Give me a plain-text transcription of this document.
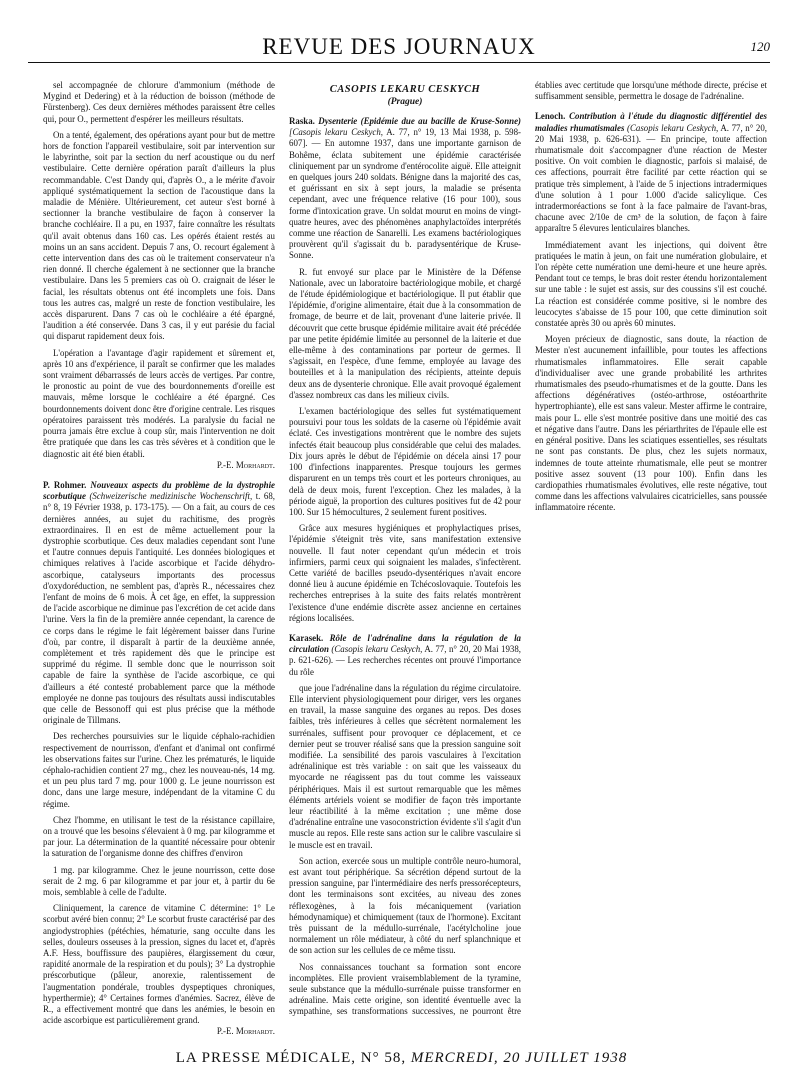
REVUE DES JOURNAUX	120

sel accompagnée de chlorure d'ammonium (méthode de Mygind et Dedering) et à la réduction de boisson (méthode de Fürstenberg). Ces deux dernières méthodes paraissent être celles qui, pour O., permettent d'espérer les meilleurs résultats.

On a tenté, également, des opérations ayant pour but de mettre hors de fonction l'appareil vestibulaire, soit par intervention sur le labyrinthe, soit par la section du nerf acoustique ou du nerf vestibulaire. Cette dernière opération paraît d'ailleurs la plus recommandable. C'est Dandy qui, d'après O., a le mérite d'avoir appliqué systématiquement la section de l'acoustique dans la maladie de Ménière. Ultérieurement, cet auteur s'est borné à sectionner la branche vestibulaire de façon à conserver la branche cochléaire. Il a pu, en 1937, faire connaître les résultats qu'il avait obtenus dans 160 cas. Les opérés étaient restés au moins un an sans accident. Depuis 7 ans, O. recourt également à cette intervention dans des cas où le traitement conservateur n'a rien donné. Il cherche également à ne sectionner que la branche vestibulaire. Dans les 5 premiers cas où O. craignait de léser le facial, les résultats obtenus ont été incomplets une fois. Dans tous les autres cas, malgré un reste de fonction vestibulaire, les accès disparurent. Dans 7 cas où le cochléaire a été épargné, l'audition a été conservée. Dans 3 cas, il y eut parésie du facial qui disparut rapidement deux fois.

L'opération a l'avantage d'agir rapidement et sûrement et, après 10 ans d'expérience, il paraît se confirmer que les malades sont vraiment débarrassés de leurs accès de vertiges. Par contre, le pronostic au point de vue des bourdonnements d'oreille est mauvais, même lorsque le cochléaire a été épargné. Ces bourdonnements doivent donc être d'origine centrale. Les risques opératoires paraissent très modérés. La paralysie du facial ne pourra jamais être exclue à coup sûr, mais l'intervention ne doit être pratiquée que dans les cas très sévères et à condition que le diagnostic ait été bien établi.
P.-E. Morhardt.

P. Rohmer. Nouveaux aspects du problème de la dystrophie scorbutique (Schweizerische medizinische Wochenschrift, t. 68, n° 8, 19 Février 1938, p. 173-175). — On a fait, au cours de ces dernières années, au sujet du rachitisme, des progrès extraordinaires. Il en est de même actuellement pour la dystrophie scorbutique. Ces deux maladies cependant sont l'une et l'autre connues depuis l'antiquité. Les données biologiques et chimiques relatives à l'acide ascorbique et l'acide déhydro-ascorbique, catalyseurs importants des processus d'oxydoréduction, ne semblent pas, d'après R., nécessaires chez l'enfant de moins de 6 mois. À cet âge, en effet, la suppression de l'acide ascorbique ne diminue pas l'excrétion de cet acide dans l'urine. Vers la fin de la première année cependant, la carence de ce corps dans le régime le fait légèrement baisser dans l'urine d'où, par contre, il disparaît à partir de la deuxième année, complètement et très rapidement dès que le principe est supprimé du régime. Il semble donc que le nourrisson soit capable de faire la synthèse de l'acide ascorbique, ce qui d'ailleurs a été contesté probablement parce que la méthode employée ne donne pas toujours des résultats aussi indiscutables que celle de Bessonoff qui est plus précise que la méthode originale de Tillmans.

Des recherches poursuivies sur le liquide céphalo-rachidien respectivement de nourrisson, d'enfant et d'animal ont confirmé les observations faites sur l'urine. Chez les prématurés, le liquide céphalo-rachidien contient 27 mg., chez les nouveau-nés, 14 mg. et un peu plus tard 7 mg. pour 1000 g. Le jeune nourrisson est donc, dans une large mesure, indépendant de la vitamine C du régime.

Chez l'homme, en utilisant le test de la résistance capillaire, on a trouvé que les besoins s'élevaient à 0 mg. par kilogramme et par jour. La détermination de la quantité nécessaire pour obtenir la saturation de l'organisme donne des chiffres d'environ

1 mg. par kilogramme. Chez le jeune nourrisson, cette dose serait de 2 mg. 6 par kilogramme et par jour et, à partir du 6e mois, semblable à celle de l'adulte.

Cliniquement, la carence de vitamine C détermine: 1° Le scorbut avéré bien connu; 2° Le scorbut fruste caractérisé par des angiodystrophies (pétéchies, hématurie, sang occulte dans les selles, douleurs osseuses à la pression, signes du lacet et, d'après A.F. Hess, bouffissure des paupières, élargissement du cœur, rapidité anormale de la respiration et du pouls); 3° La dystrophie préscorbutique (pâleur, anorexie, ralentissement de l'augmentation pondérale, troubles dyspeptiques chroniques, hyperthermie); 4° Certaines formes d'anémies. Sacrez, élève de R., a effectivement montré que dans les anémies, le besoin en acide ascorbique est particulièrement grand.
P.-E. Morhardt.

CASOPIS LEKARU CESKYCH
(Prague)

Raska. Dysenterie (Epidémie due au bacille de Kruse-Sonne) [Casopis lekaru Ceskych, A. 77, n° 19, 13 Mai 1938, p. 598-607]. — En automne 1937, dans une importante garnison de Bohême, éclata subitement une épidémie caractérisée cliniquement par un syndrome d'entérocolite aiguë. Elle atteignit en quelques jours 240 soldats. Bénigne dans la majorité des cas, et guérissant en six à sept jours, la maladie se présenta cependant, avec une fréquence relative (16 pour 100), sous forme d'intoxication grave. Un soldat mourut en moins de vingt-quatre heures, avec des phénomènes anaphylactoïdes interprétés comme une réaction de Sanarelli. Les examens bactériologiques prouvèrent qu'il s'agissait du b. paradysentérique de Kruse-Sonne.

R. fut envoyé sur place par le Ministère de la Défense Nationale, avec un laboratoire bactériologique mobile, et chargé de l'étude épidémiologique et bactériologique. Il put établir que l'épidémie, d'origine alimentaire, était due à la consommation de fromage, de beurre et de lait, provenant d'une laiterie privée. Il découvrit que cette brusque épidémie militaire avait été précédée par une petite épidémie limitée au personnel de la laiterie et due elle-même à des contaminations par porteur de germes. Il s'agissait, en l'espèce, d'une femme, employée au lavage des bouteilles et à la manipulation des récipients, atteinte depuis deux ans de dysenterie chronique. Elle avait provoqué également d'assez nombreux cas dans les milieux civils.

L'examen bactériologique des selles fut systématiquement poursuivi pour tous les soldats de la caserne où l'épidémie avait éclaté. Ces investigations montrèrent que le nombre des sujets infectés était beaucoup plus considérable que celui des malades. Dix jours après le début de l'épidémie on décela ainsi 17 pour 100 d'infections inapparentes. Presque toujours les germes disparurent en un temps très court et les porteurs chroniques, au delà de deux mois, furent l'exception. Chez les malades, à la période aiguë, la proportion des cultures positives fut de 42 pour 100. Sur 15 hémocultures, 2 seulement furent positives.

Grâce aux mesures hygiéniques et prophylactiques prises, l'épidémie s'éteignit très vite, sans manifestation extensive nouvelle. Il faut noter cependant qu'un médecin et trois infirmiers, parmi ceux qui soignaient les malades, s'infectèrent. Cette variété de bacilles pseudo-dysentériques n'avait encore donné lieu à aucune épidémie en Tchécoslovaquie. Toutefois les recherches entreprises à la suite des faits relatés montrèrent l'existence d'une endémie discrète assez ancienne en certaines régions localisées.

Karasek. Rôle de l'adrénaline dans la régulation de la circulation (Casopis lekaru Ceskych, A. 77, n° 20, 20 Mai 1938, p. 621-626). — Les recherches récentes ont prouvé l'importance du rôle

que joue l'adrénaline dans la régulation du régime circulatoire. Elle intervient physiologiquement pour diriger, vers les organes en travail, la masse sanguine des organes au repos. Des doses faibles, très inférieures à celles que sécrètent normalement les surrénales, suffisent pour provoquer ce déplacement, et ce dernier peut se trouver réalisé sans que la pression sanguine soit modifiée. La sensibilité des parois vasculaires à l'excitation adrénalinique est très variable : on sait que les vaisseaux du myocarde ne réagissent pas du tout comme les vaisseaux périphériques. Mais il est surtout remarquable que les mêmes éléments artériels voient se modifier de façon très importante leur réactibilité à la même excitation ; une même dose d'adrénaline entraîne une vasoconstriction évidente s'il s'agit d'un muscle au repos. Elle reste sans action sur le calibre vasculaire si le muscle est en travail.

Son action, exercée sous un multiple contrôle neuro-humoral, est avant tout périphérique. Sa sécrétion dépend surtout de la pression sanguine, par l'intermédiaire des nerfs pressorécepteurs, dont les terminaisons sont excitées, au niveau des zones réflexogènes, à la fois mécaniquement (variation hémodynamique) et chimiquement (taux de l'hormone). Excitant très puissant de la médullo-surrénale, l'acétylcholine joue normalement un rôle médiateur, à côté du nerf splanchnique et de son action sur les cellules de ce même tissu.

Nos connaissances touchant sa formation sont encore incomplètes. Elle provient vraisemblablement de la tyramine, seule substance que la médullo-surrénale puisse transformer en adrénaline. Mais cette origine, son identité éventuelle avec la sympathine, ses transformations successives, ne pourront être établies avec certitude que lorsqu'une méthode directe, précise et suffisamment sensible, permettra le dosage de l'adrénaline.

Lenoch. Contribution à l'étude du diagnostic différentiel des maladies rhumatismales (Casopis lekaru Ceskych, A. 77, n° 20, 20 Mai 1938, p. 626-631). — En principe, toute affection rhumatismale doit s'accompagner d'une réaction de Mester positive. On voit combien le diagnostic, parfois si malaisé, de ces affections, pourrait être facilité par cette réaction qui se pratique très simplement, à l'aide de 5 injections intradermiques d'une solution à 1 pour 1.000 d'acide salicylique. Ces intradermoréactions se font à la face palmaire de l'avant-bras, chacune avec 2/10e de cm³ de la solution, de façon à faire apparaître 5 élevures lenticulaires blanches.

Immédiatement avant les injections, qui doivent être pratiquées le matin à jeun, on fait une numération globulaire, et l'on répète cette numération une demi-heure et une heure après. Pendant tout ce temps, le bras doit rester étendu horizontalement sur une table : le sujet est assis, sur des coussins s'il est couché. La réaction est considérée comme positive, si le nombre des leucocytes s'abaisse de 15 pour 100, que cette diminution soit constatée après 30 ou après 60 minutes.

Moyen précieux de diagnostic, sans doute, la réaction de Mester n'est aucunement infaillible, pour toutes les affections rhumatismales inflammatoires. Elle serait capable d'individualiser avec une grande probabilité les arthrites rhumatismales des pseudo-rhumatismes et de la goutte. Dans les affections dégénératives (ostéo-arthrose, ostéoarthrite hypertrophiante), elle est sans valeur. Mester affirme le contraire, mais pour L. elle s'est montrée positive dans une moitié des cas et négative dans l'autre. Dans les périarthrites de l'épaule elle est en général positive. Dans les sciatiques essentielles, ses résultats ne sont pas constants. De plus, chez les sujets normaux, indemnes de toute atteinte rhumatismale, elle peut se montrer positive assez souvent (13 pour 100). Enfin dans les cardiopathies rhumatismales évolutives, elle reste négative, tout comme dans les affections valvulaires cicatricielles, sans poussée inflammatoire récente.

LA PRESSE MÉDICALE, N° 58, MERCREDI, 20 JUILLET 1938
